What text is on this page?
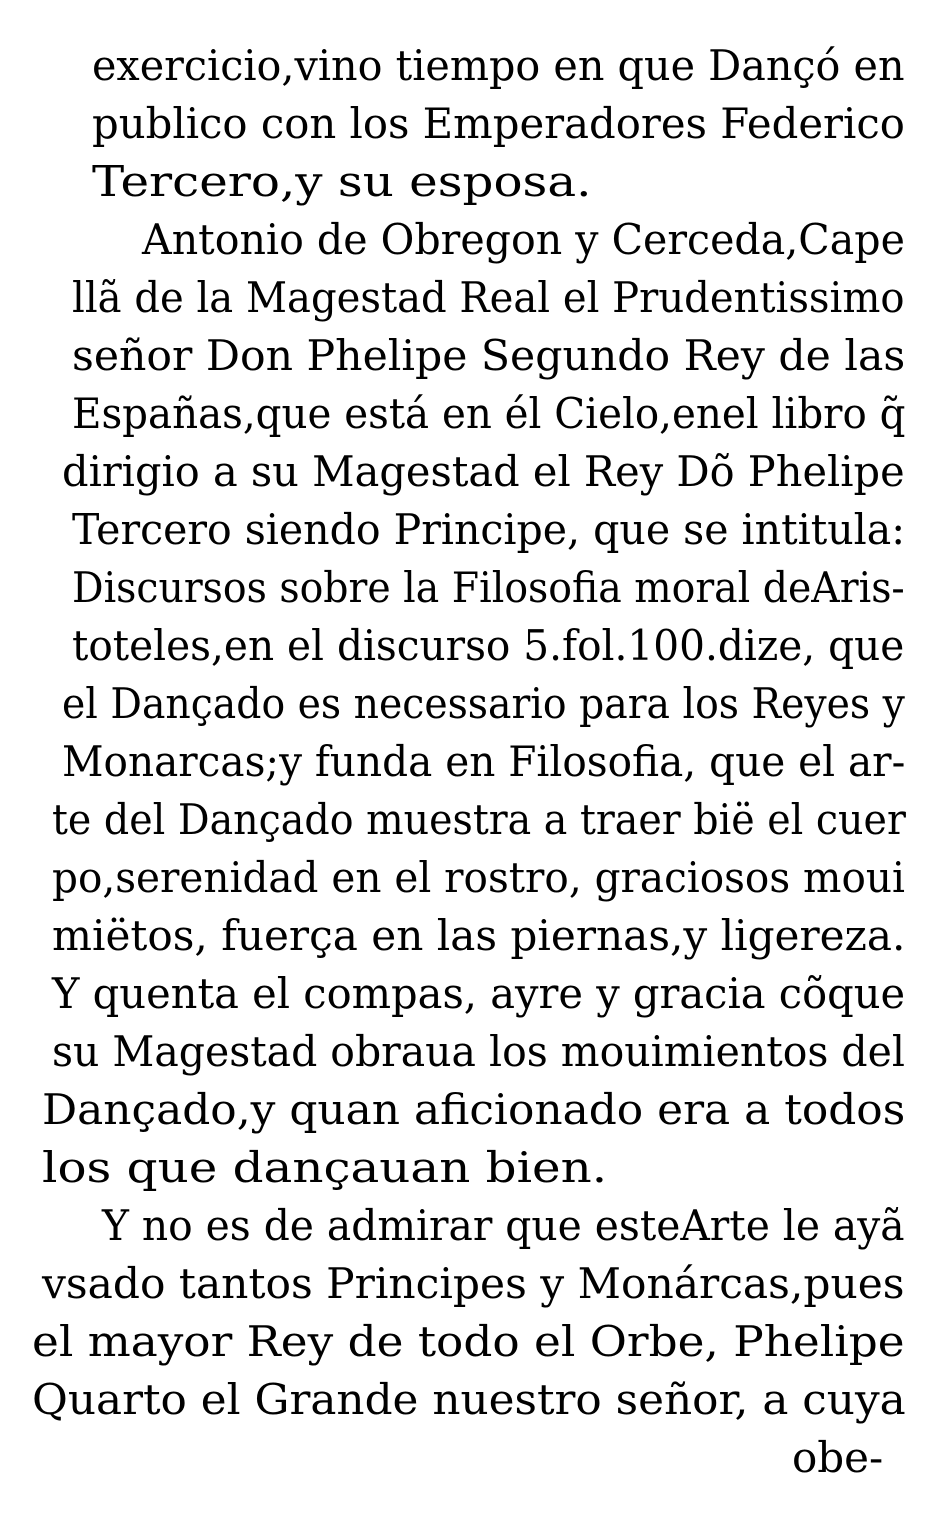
exercicio,vino tiempo en que Dançó en
publico con los Emperadores Federico
Tercero,y su esposa.
Antonio de Obregon y Cerceda,Cape
llã de la Magestad Real el Prudentissimo
señor Don Phelipe Segundo Rey de las
Españas,que está en él Cielo,enel libro q̃
dirigio a su Magestad el Rey Dõ Phelipe
Tercero siendo Principe, que se intitula:
Discursos sobre la Filosofia moral deAris-
toteles,en el discurso 5.fol.100.dize, que
el Dançado es necessario para los Reyes y
Monarcas;y funda en Filosofia, que el ar-
te del Dançado muestra a traer bië el cuer
po,serenidad en el rostro, graciosos moui
miëtos, fuerça en las piernas,y ligereza.
Y quenta el compas, ayre y gracia cõque
su Magestad obraua los mouimientos del
Dançado,y quan aficionado era a todos
los que dançauan bien.
Y no es de admirar que esteArte le ayã
vsado tantos Principes y Monárcas,pues
el mayor Rey de todo el Orbe, Phelipe
Quarto el Grande nuestro señor, a cuya
obe-
